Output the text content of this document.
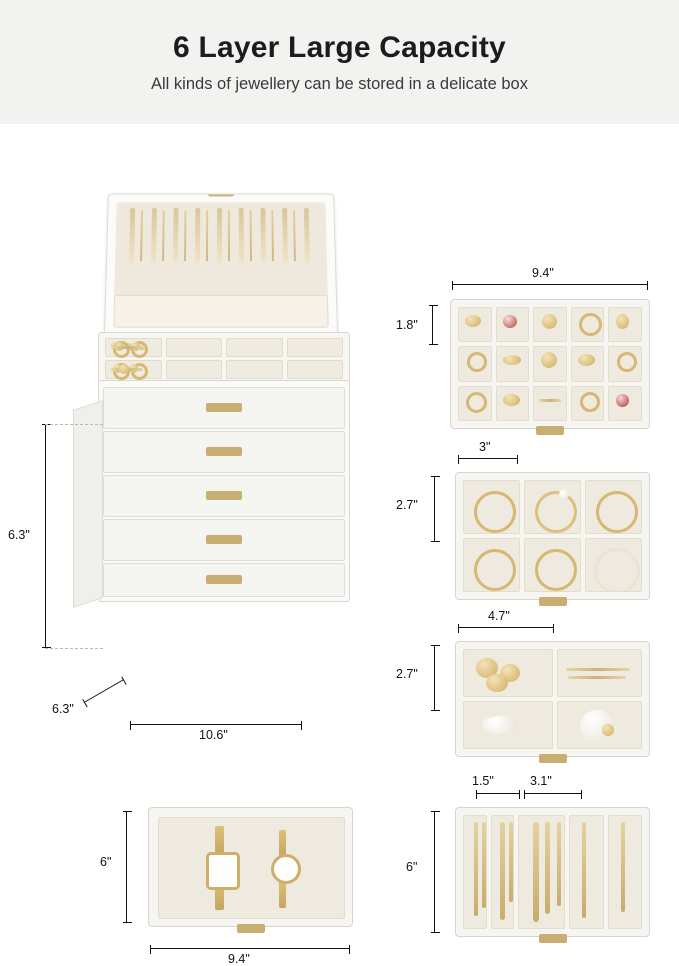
6 Layer Large Capacity
All kinds of jewellery can be stored in a delicate box
6.3"
6.3"
10.6"
9.4"
1.8"
3"
2.7"
4.7"
2.7"
1.5"	3.1"
6"
6"
9.4"
